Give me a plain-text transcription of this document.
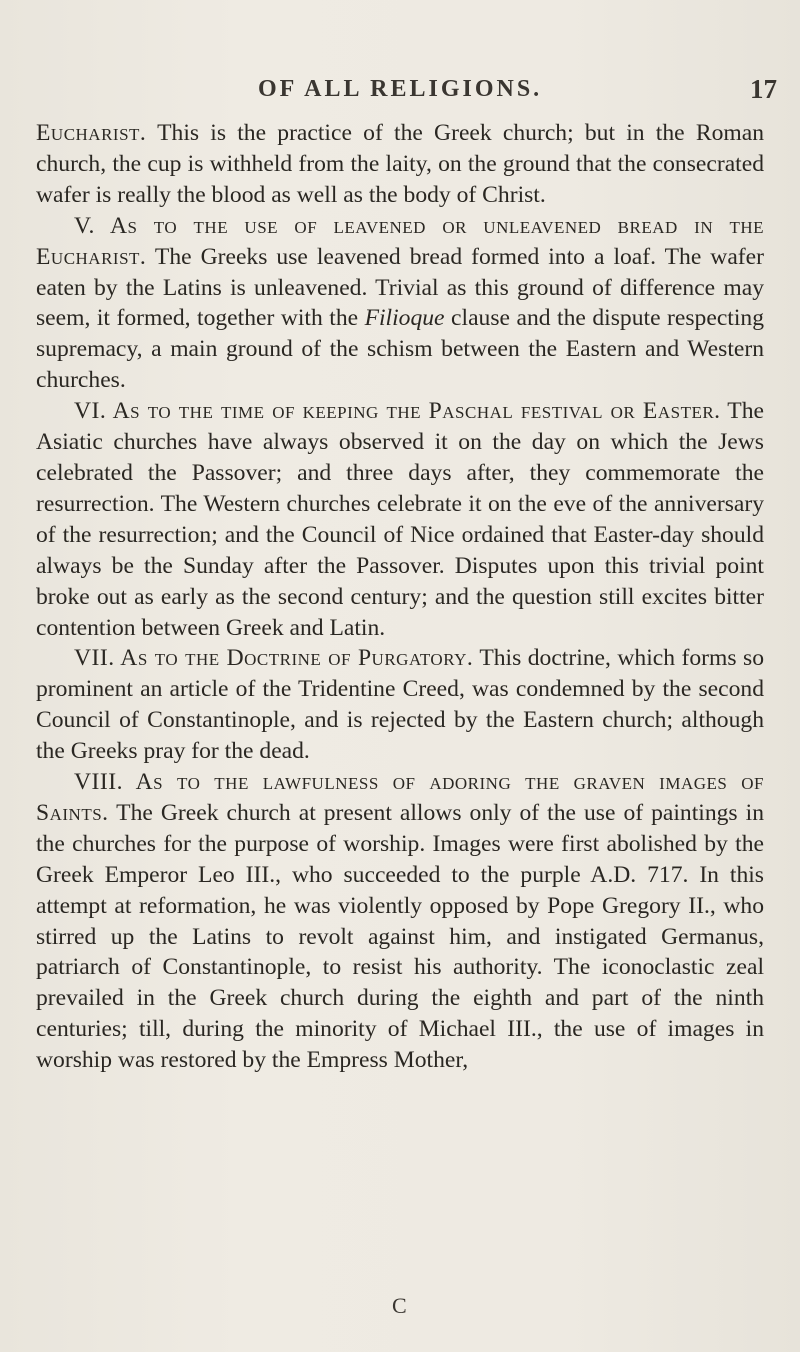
OF ALL RELIGIONS.	17

Eucharist. This is the practice of the Greek church; but in the Roman church, the cup is withheld from the laity, on the ground that the consecrated wafer is really the blood as well as the body of Christ.

V. As to the use of leavened or unleavened bread in the Eucharist. The Greeks use leavened bread formed into a loaf. The wafer eaten by the Latins is unleavened. Trivial as this ground of difference may seem, it formed, together with the Filioque clause and the dispute respecting supremacy, a main ground of the schism between the Eastern and Western churches.

VI. As to the time of keeping the Paschal festival or Easter. The Asiatic churches have always observed it on the day on which the Jews celebrated the Passover; and three days after, they commemorate the resurrection. The Western churches celebrate it on the eve of the anniversary of the resurrection; and the Council of Nice ordained that Easter-day should always be the Sunday after the Passover. Disputes upon this trivial point broke out as early as the second century; and the question still excites bitter contention between Greek and Latin.

VII. As to the Doctrine of Purgatory. This doctrine, which forms so prominent an article of the Tridentine Creed, was condemned by the second Council of Constantinople, and is rejected by the Eastern church; although the Greeks pray for the dead.

VIII. As to the lawfulness of adoring the graven images of Saints. The Greek church at present allows only of the use of paintings in the churches for the purpose of worship. Images were first abolished by the Greek Emperor Leo III., who succeeded to the purple A.D. 717. In this attempt at reformation, he was violently opposed by Pope Gregory II., who stirred up the Latins to revolt against him, and instigated Germanus, patriarch of Constantinople, to resist his authority. The iconoclastic zeal prevailed in the Greek church during the eighth and part of the ninth centuries; till, during the minority of Michael III., the use of images in worship was restored by the Empress Mother,

C
